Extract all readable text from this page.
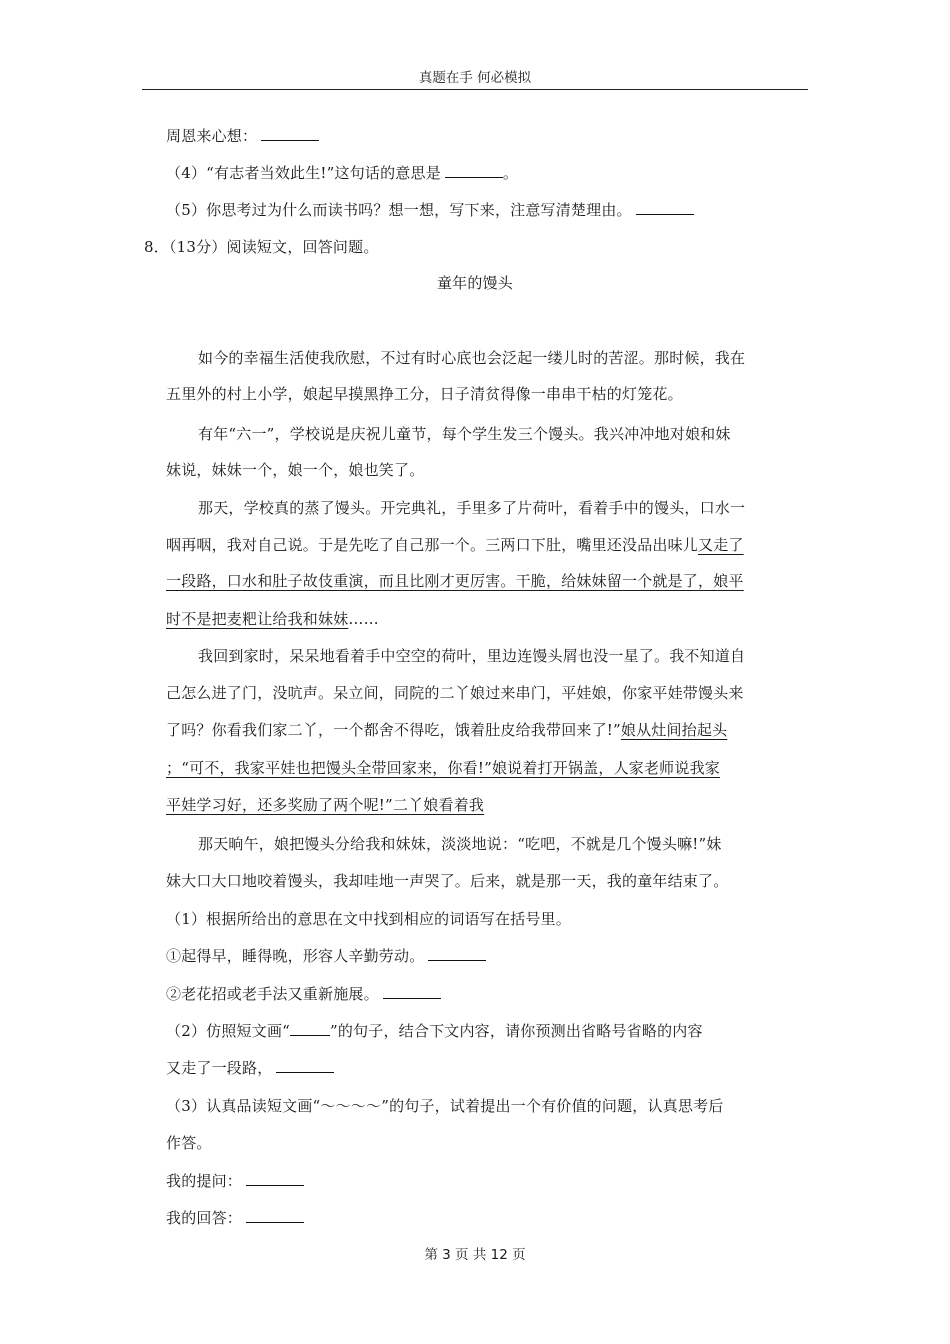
真题在手 何必模拟
周恩来心想：
（4）“有志者当效此生!”这句话的意思是	。
（5）你思考过为什么而读书吗？想一想，写下来，注意写清楚理由。
8．（13分）阅读短文，回答问题。
童年的馒头
如今的幸福生活使我欣慰，不过有时心底也会泛起一缕儿时的苦涩。那时候，我在
五里外的村上小学，娘起早摸黑挣工分，日子清贫得像一串串干枯的灯笼花。
有年“六一”，学校说是庆祝儿童节，每个学生发三个馒头。我兴冲冲地对娘和妹
妹说，妹妹一个，娘一个，娘也笑了。
那天，学校真的蒸了馒头。开完典礼，手里多了片荷叶，看着手中的馒头，口水一
咽再咽，我对自己说。于是先吃了自己那一个。三两口下肚，嘴里还没品出味儿又走了
一段路，口水和肚子故伎重演，而且比刚才更厉害。干脆，给妹妹留一个就是了，娘平
时不是把麦粑让给我和妹妹……
我回到家时，呆呆地看着手中空空的荷叶，里边连馒头屑也没一星了。我不知道自
己怎么进了门，没吭声。呆立间，同院的二丫娘过来串门，平娃娘，你家平娃带馒头来
了吗？你看我们家二丫，一个都舍不得吃，饿着肚皮给我带回来了!”娘从灶间抬起头
；“可不，我家平娃也把馒头全带回家来，你看!”娘说着打开锅盖，人家老师说我家
平娃学习好，还多奖励了两个呢!”二丫娘看着我
那天晌午，娘把馒头分给我和妹妹，淡淡地说：“吃吧，不就是几个馒头嘛!”妹
妹大口大口地咬着馒头，我却哇地一声哭了。后来，就是那一天，我的童年结束了。
（1）根据所给出的意思在文中找到相应的词语写在括号里。
①起得早，睡得晚，形容人辛勤劳动。
②老花招或老手法又重新施展。
（2）仿照短文画“	”的句子，结合下文内容，请你预测出省略号省略的内容
又走了一段路，
（3）认真品读短文画“～～～～”的句子，试着提出一个有价值的问题，认真思考后
作答。
我的提问：
我的回答：
第 3 页 共 12 页
